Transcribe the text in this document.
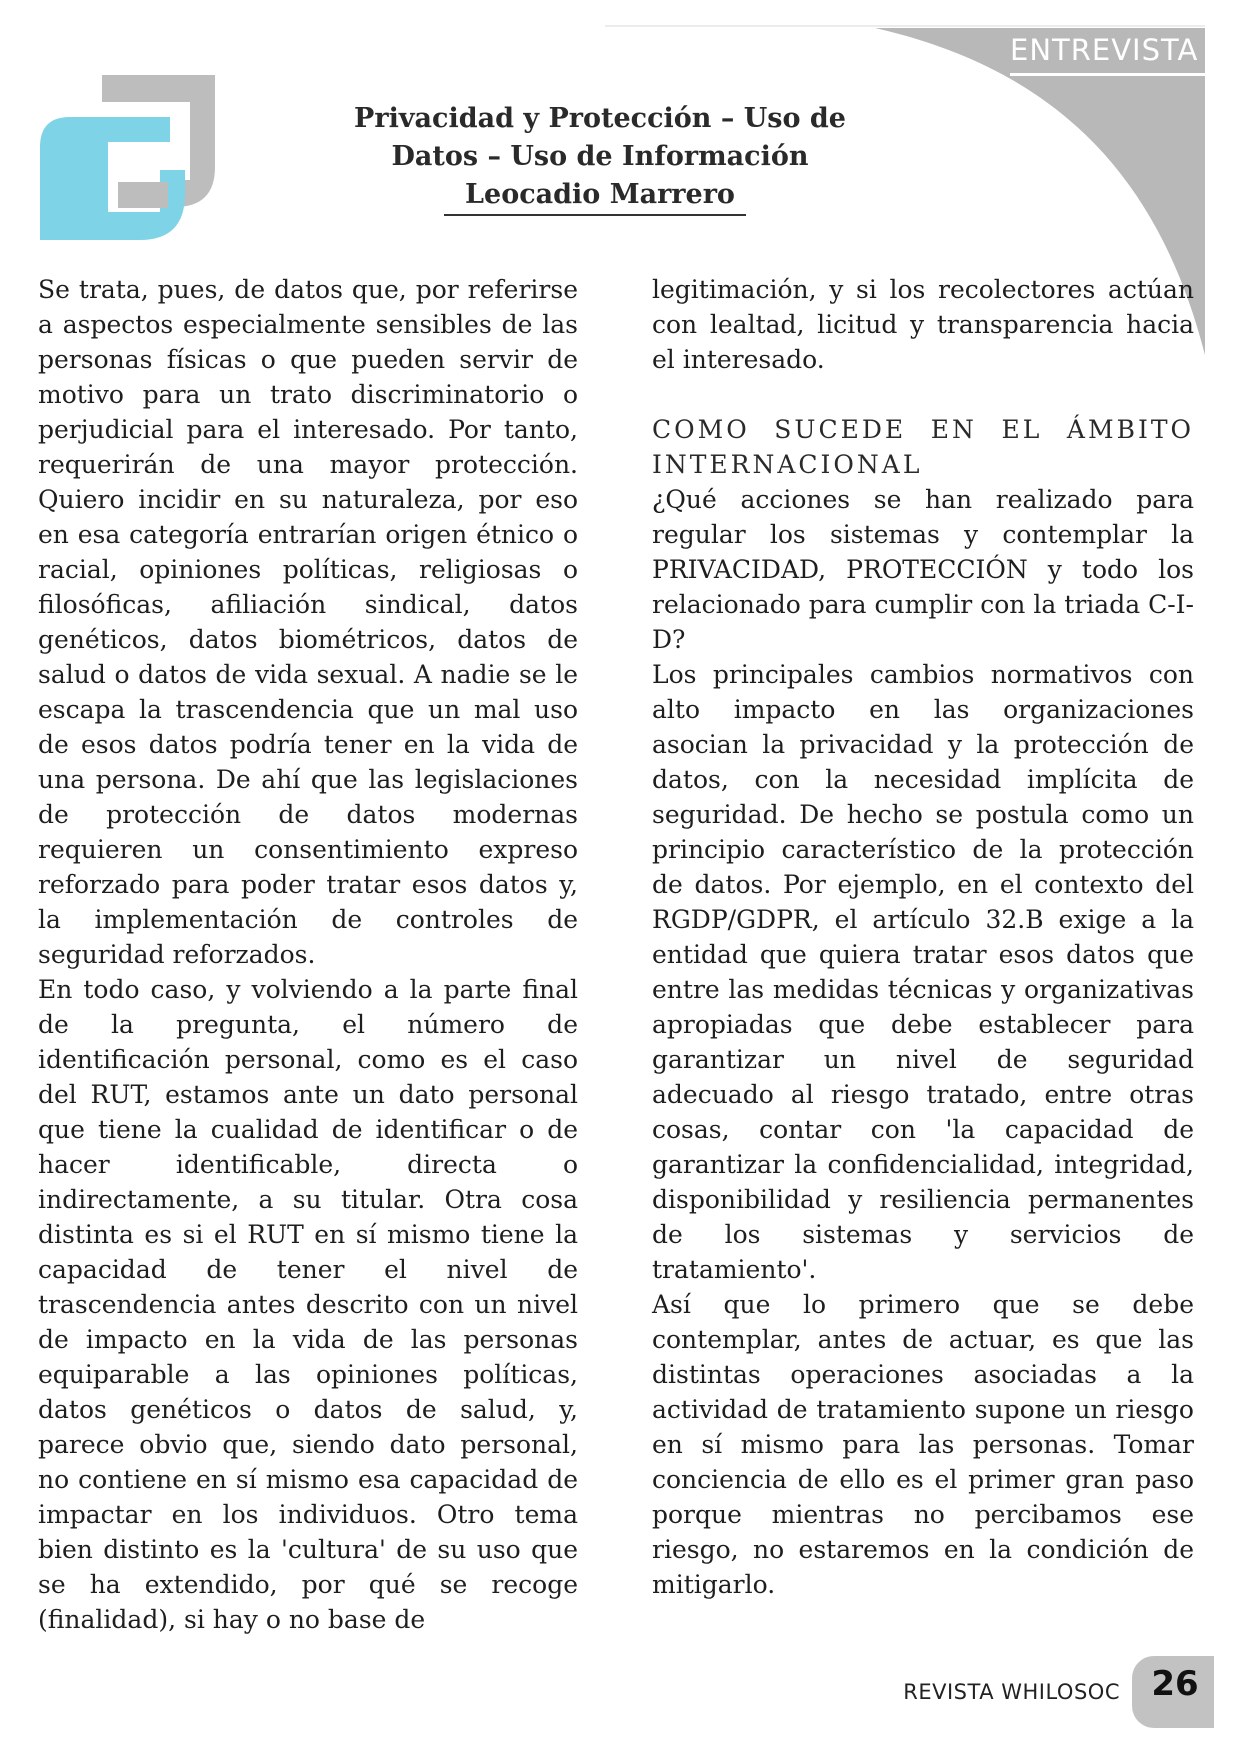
ENTREVISTA
Privacidad y Protección – Uso de Datos – Uso de Información
Leocadio Marrero

Se trata, pues, de datos que, por referirse a aspectos especialmente sensibles de las personas físicas o que pueden servir de motivo para un trato discriminatorio o perjudicial para el interesado. Por tanto, requerirán de una mayor protección. Quiero incidir en su naturaleza, por eso en esa categoría entrarían origen étnico o racial, opiniones políticas, religiosas o filosóficas, afiliación sindical, datos genéticos, datos biométricos, datos de salud o datos de vida sexual. A nadie se le escapa la trascendencia que un mal uso de esos datos podría tener en la vida de una persona. De ahí que las legislaciones de protección de datos modernas requieren un consentimiento expreso reforzado para poder tratar esos datos y, la implementación de controles de seguridad reforzados.

En todo caso, y volviendo a la parte final de la pregunta, el número de identificación personal, como es el caso del RUT, estamos ante un dato personal que tiene la cualidad de identificar o de hacer identificable, directa o indirectamente, a su titular. Otra cosa distinta es si el RUT en sí mismo tiene la capacidad de tener el nivel de trascendencia antes descrito con un nivel de impacto en la vida de las personas equiparable a las opiniones políticas, datos genéticos o datos de salud, y, parece obvio que, siendo dato personal, no contiene en sí mismo esa capacidad de impactar en los individuos. Otro tema bien distinto es la 'cultura' de su uso que se ha extendido, por qué se recoge (finalidad), si hay o no base de

legitimación, y si los recolectores actúan con lealtad, licitud y transparencia hacia el interesado.

COMO SUCEDE EN EL ÁMBITO INTERNACIONAL

¿Qué acciones se han realizado para regular los sistemas y contemplar la PRIVACIDAD, PROTECCIÓN y todo los relacionado para cumplir con la triada C-I-D?

Los principales cambios normativos con alto impacto en las organizaciones asocian la privacidad y la protección de datos, con la necesidad implícita de seguridad. De hecho se postula como un principio característico de la protección de datos. Por ejemplo, en el contexto del RGDP/GDPR, el artículo 32.B exige a la entidad que quiera tratar esos datos que entre las medidas técnicas y organizativas apropiadas que debe establecer para garantizar un nivel de seguridad adecuado al riesgo tratado, entre otras cosas, contar con 'la capacidad de garantizar la confidencialidad, integridad, disponibilidad y resiliencia permanentes de los sistemas y servicios de tratamiento'.

Así que lo primero que se debe contemplar, antes de actuar, es que las distintas operaciones asociadas a la actividad de tratamiento supone un riesgo en sí mismo para las personas. Tomar conciencia de ello es el primer gran paso porque mientras no percibamos ese riesgo, no estaremos en la condición de mitigarlo.

REVISTA WHILOSOC 26
